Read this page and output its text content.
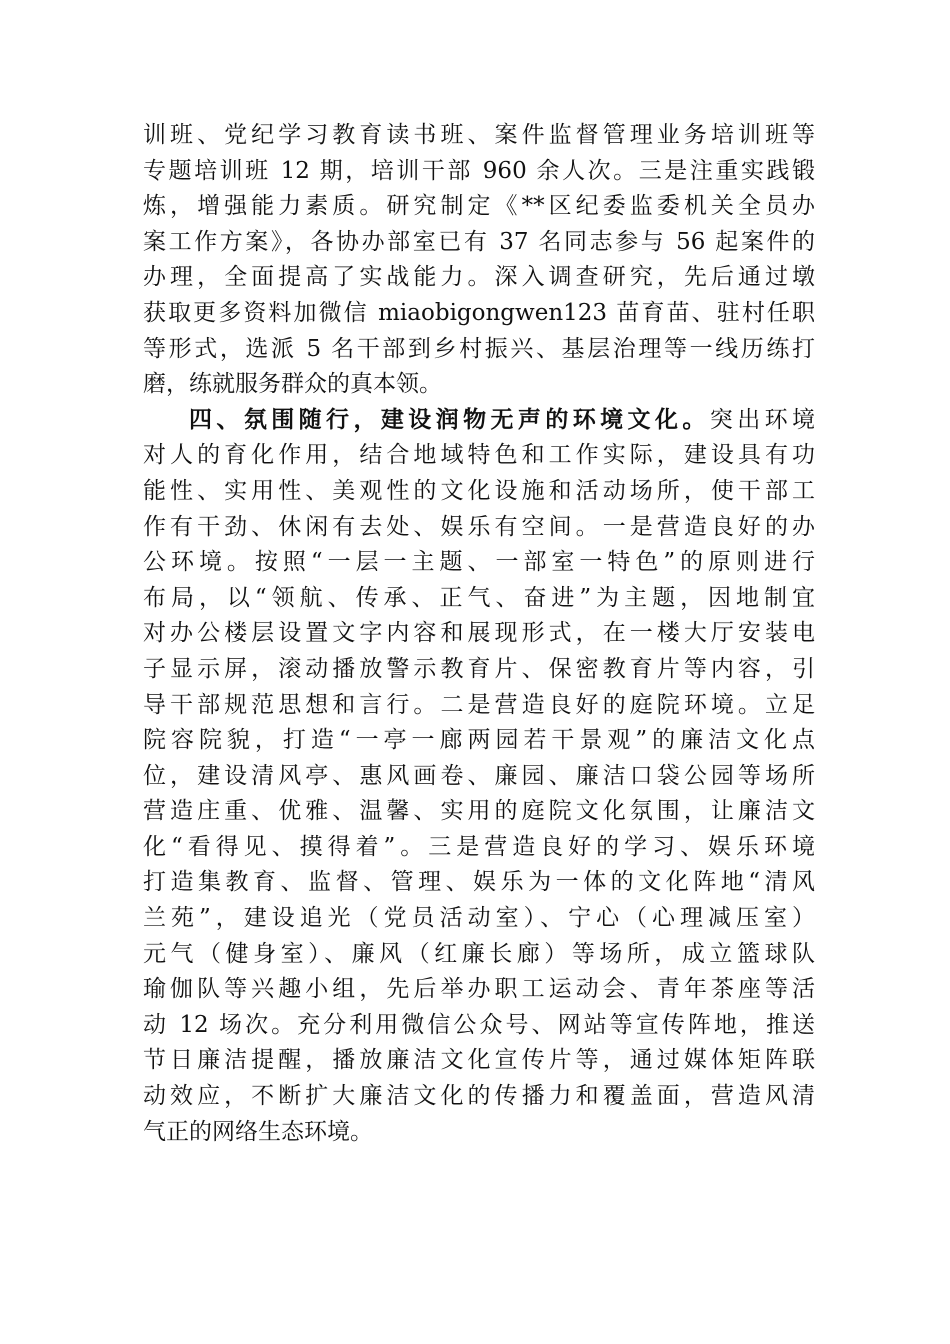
训班、党纪学习教育读书班、案件监督管理业务培训班等
专题培训班 12 期，培训干部 960 余人次。三是注重实践锻
炼，增强能力素质。研究制定《**区纪委监委机关全员办
案工作方案》，各协办部室已有 37 名同志参与 56 起案件的
办理，全面提高了实战能力。深入调查研究，先后通过墩
获取更多资料加微信 miaobigongwen123 苗育苗、驻村任职
等形式，选派 5 名干部到乡村振兴、基层治理等一线历练打
磨，练就服务群众的真本领。
四、氛围随行，建设润物无声的环境文化。突出环境
对人的育化作用，结合地域特色和工作实际，建设具有功
能性、实用性、美观性的文化设施和活动场所，使干部工
作有干劲、休闲有去处、娱乐有空间。一是营造良好的办
公环境。按照“一层一主题、一部室一特色”的原则进行
布局，以“领航、传承、正气、奋进”为主题，因地制宜
对办公楼层设置文字内容和展现形式，在一楼大厅安装电
子显示屏，滚动播放警示教育片、保密教育片等内容，引
导干部规范思想和言行。二是营造良好的庭院环境。立足
院容院貌，打造“一亭一廊两园若干景观”的廉洁文化点
位，建设清风亭、惠风画卷、廉园、廉洁口袋公园等场所
营造庄重、优雅、温馨、实用的庭院文化氛围，让廉洁文
化“看得见、摸得着”。三是营造良好的学习、娱乐环境
打造集教育、监督、管理、娱乐为一体的文化阵地“清风
兰苑”，建设追光（党员活动室）、宁心（心理减压室）
元气（健身室）、廉风（红廉长廊）等场所，成立篮球队
瑜伽队等兴趣小组，先后举办职工运动会、青年茶座等活
动 12 场次。充分利用微信公众号、网站等宣传阵地，推送
节日廉洁提醒，播放廉洁文化宣传片等，通过媒体矩阵联
动效应，不断扩大廉洁文化的传播力和覆盖面，营造风清
气正的网络生态环境。
